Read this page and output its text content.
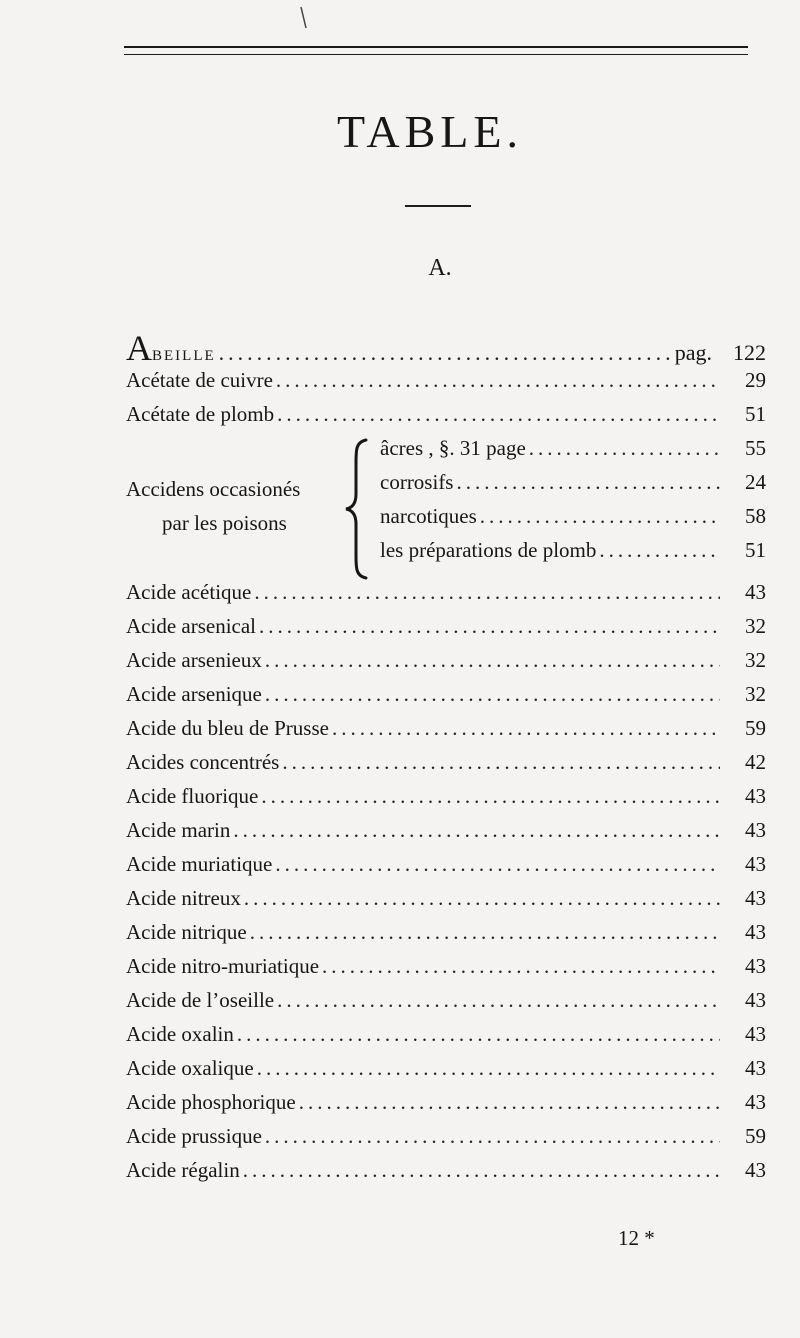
TABLE.
A.
ABEILLE .....	pag. 122
Acétate de cuivre .....	29
Acétate de plomb .....	51
Accidens occasionés
par les poisons
âcres , §. 31 page .....	55
corrosifs .....	24
narcotiques .....	58
les préparations de plomb .....	51
Acide acétique .....	43
Acide arsenical .....	32
Acide arsenieux .....	32
Acide arsenique .....	32
Acide du bleu de Prusse .....	59
Acides concentrés .....	42
Acide fluorique .....	43
Acide marin .....	43
Acide muriatique .....	43
Acide nitreux .....	43
Acide nitrique .....	43
Acide nitro-muriatique .....	43
Acide de l’oseille .....	43
Acide oxalin .....	43
Acide oxalique .....	43
Acide phosphorique .....	43
Acide prussique .....	59
Acide régalin .....	43
12 *
